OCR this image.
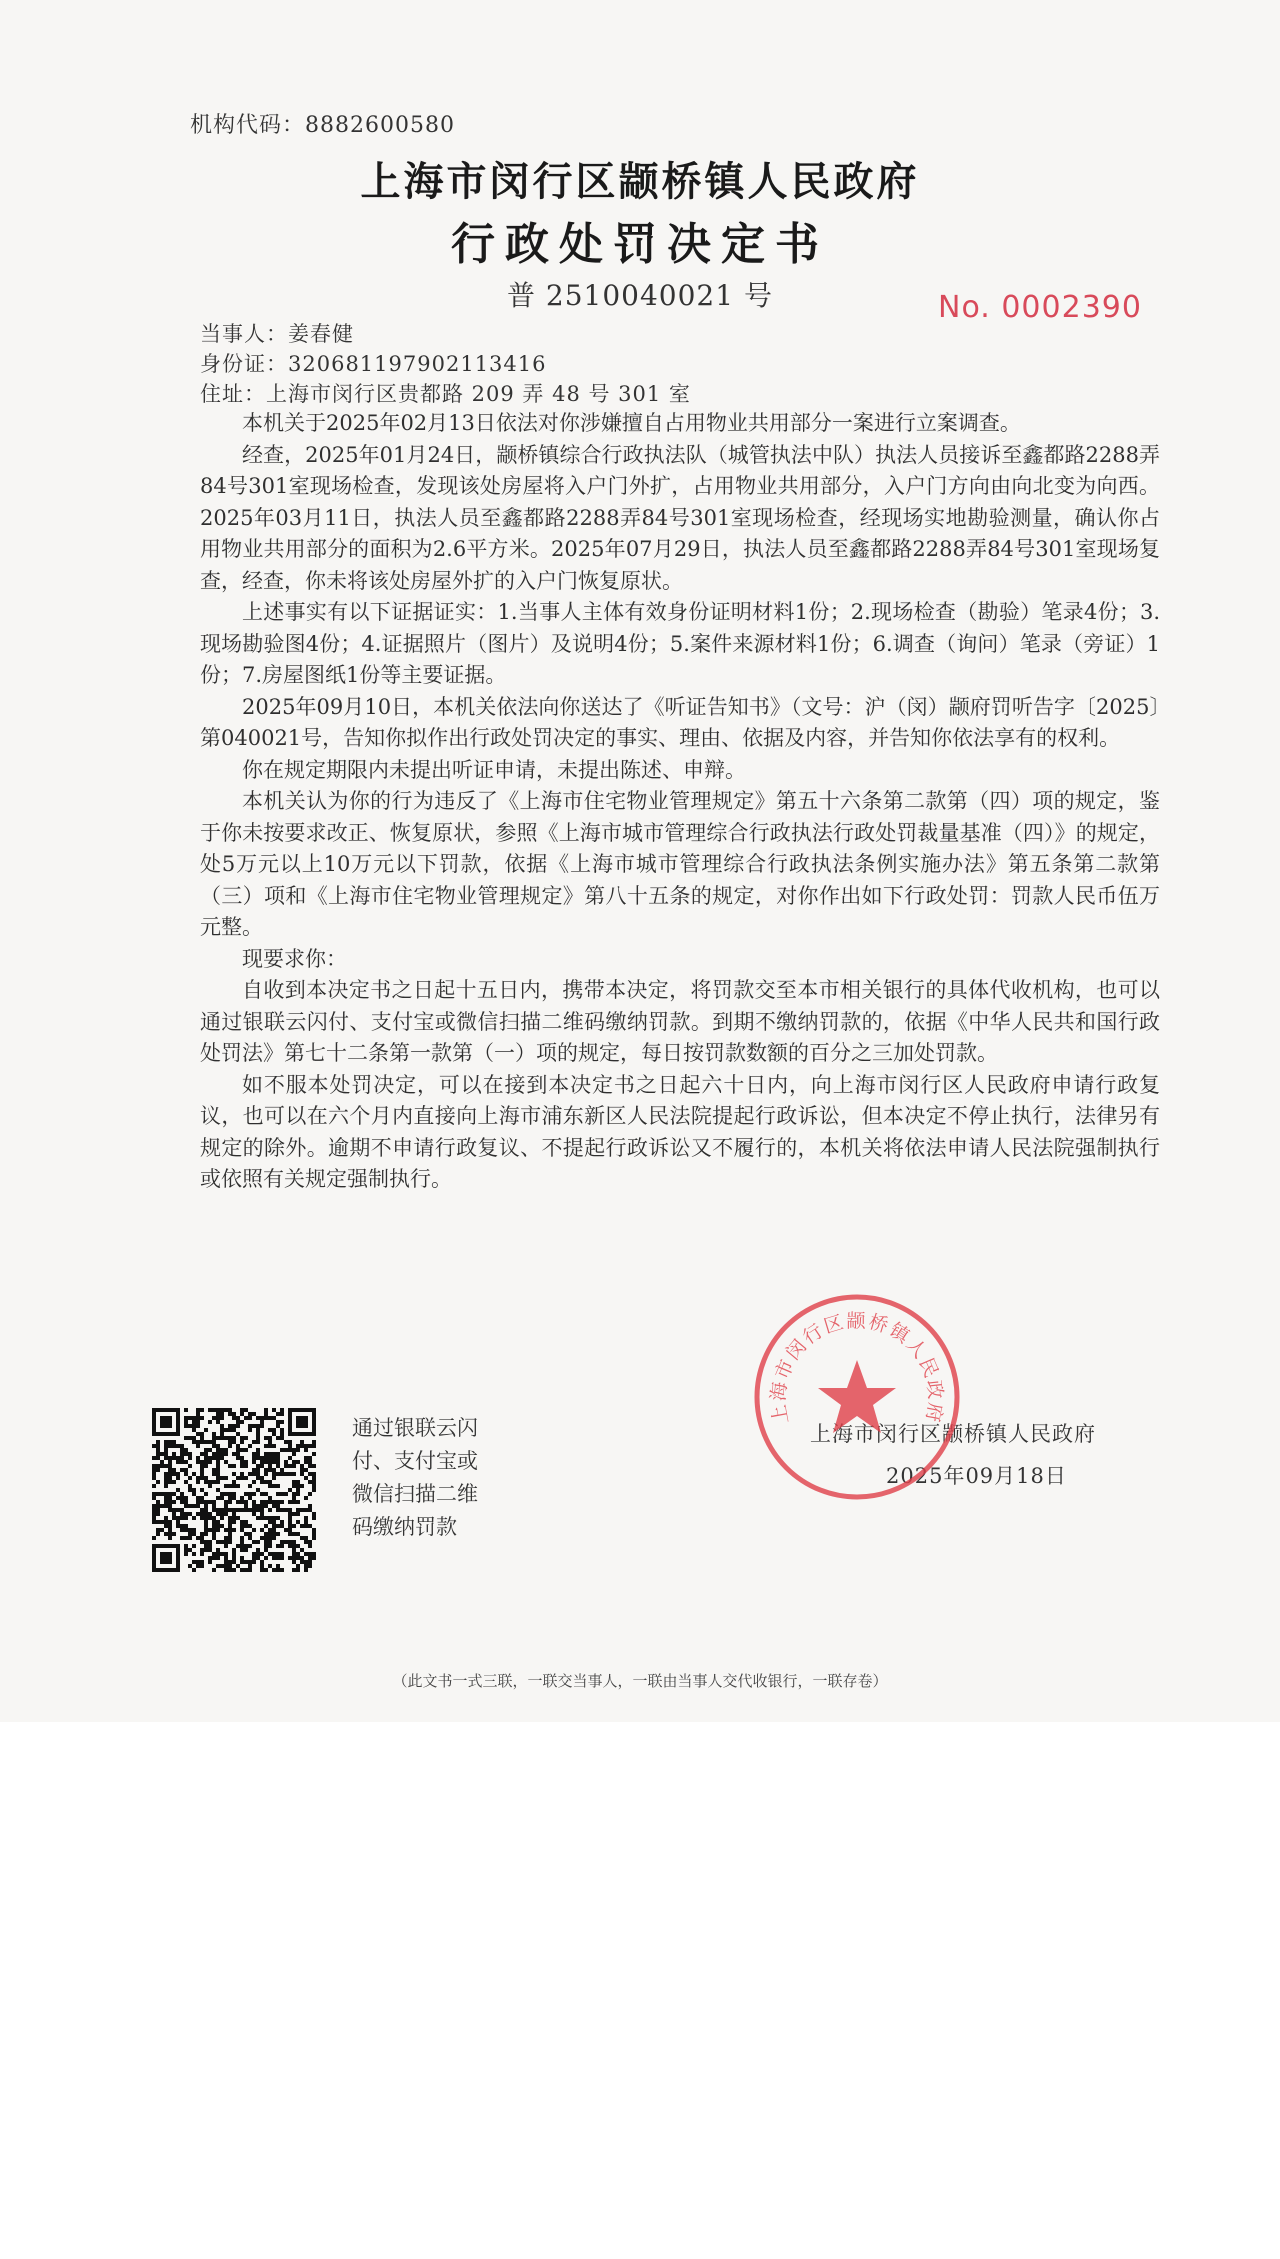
机构代码：8882600580
上海市闵行区颛桥镇人民政府
行政处罚决定书
普 2510040021 号	No. 0002390
当事人：姜春健
身份证：320681197902113416
住址：上海市闵行区贵都路 209 弄 48 号 301 室

本机关于2025年02月13日依法对你涉嫌擅自占用物业共用部分一案进行立案调查。

经查，2025年01月24日，颛桥镇综合行政执法队（城管执法中队）执法人员接诉至鑫都路2288弄84号301室现场检查，发现该处房屋将入户门外扩，占用物业共用部分，入户门方向由向北变为向西。2025年03月11日，执法人员至鑫都路2288弄84号301室现场检查，经现场实地勘验测量，确认你占用物业共用部分的面积为2.6平方米。2025年07月29日，执法人员至鑫都路2288弄84号301室现场复查，经查，你未将该处房屋外扩的入户门恢复原状。

上述事实有以下证据证实：1.当事人主体有效身份证明材料1份；2.现场检查（勘验）笔录4份；3.现场勘验图4份；4.证据照片（图片）及说明4份；5.案件来源材料1份；6.调查（询问）笔录（旁证）1份；7.房屋图纸1份等主要证据。

2025年09月10日，本机关依法向你送达了《听证告知书》（文号：沪（闵）颛府罚听告字〔2025〕第040021号，告知你拟作出行政处罚决定的事实、理由、依据及内容，并告知你依法享有的权利。

你在规定期限内未提出听证申请，未提出陈述、申辩。

本机关认为你的行为违反了《上海市住宅物业管理规定》第五十六条第二款第（四）项的规定，鉴于你未按要求改正、恢复原状，参照《上海市城市管理综合行政执法行政处罚裁量基准（四）》的规定，处5万元以上10万元以下罚款，依据《上海市城市管理综合行政执法条例实施办法》第五条第二款第（三）项和《上海市住宅物业管理规定》第八十五条的规定，对你作出如下行政处罚：罚款人民币伍万元整。

现要求你：

自收到本决定书之日起十五日内，携带本决定，将罚款交至本市相关银行的具体代收机构，也可以通过银联云闪付、支付宝或微信扫描二维码缴纳罚款。到期不缴纳罚款的，依据《中华人民共和国行政处罚法》第七十二条第一款第（一）项的规定，每日按罚款数额的百分之三加处罚款。

如不服本处罚决定，可以在接到本决定书之日起六十日内，向上海市闵行区人民政府申请行政复议，也可以在六个月内直接向上海市浦东新区人民法院提起行政诉讼，但本决定不停止执行，法律另有规定的除外。逾期不申请行政复议、不提起行政诉讼又不履行的，本机关将依法申请人民法院强制执行或依照有关规定强制执行。

通过银联云闪付、支付宝或微信扫描二维码缴纳罚款
上海市闵行区颛桥镇人民政府
2025年09月18日
上海市闵行区颛桥镇人民政府
（此文书一式三联，一联交当事人，一联由当事人交代收银行，一联存卷）
